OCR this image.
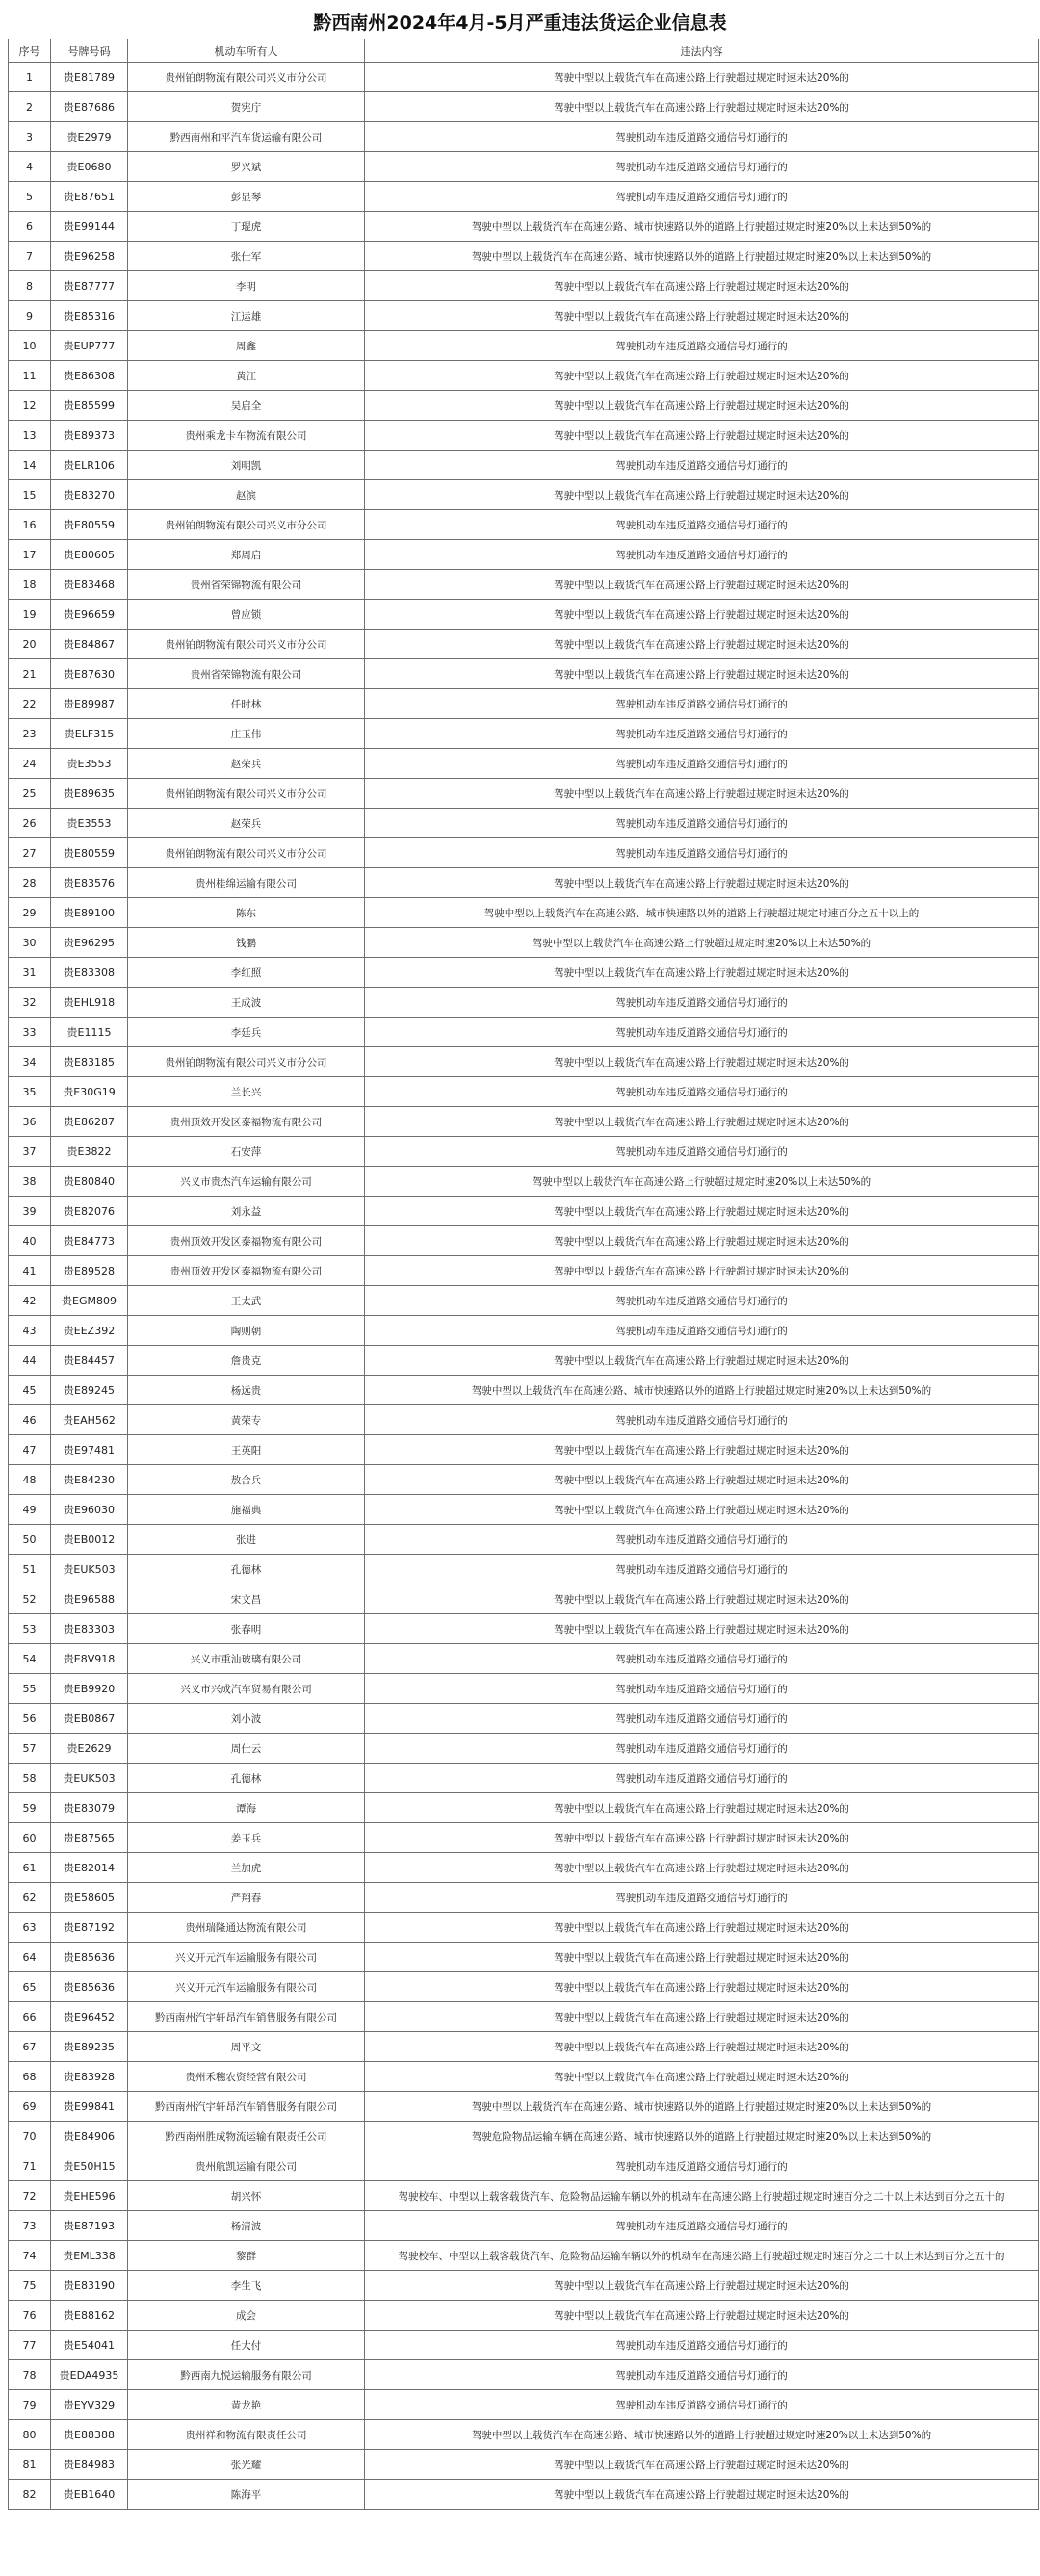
黔西南州2024年4月-5月严重违法货运企业信息表
序号	号牌号码	机动车所有人	违法内容
1	贵E81789	贵州铂朗物流有限公司兴义市分公司	驾驶中型以上载货汽车在高速公路上行驶超过规定时速未达20%的
2	贵E87686	贺宪庁	驾驶中型以上载货汽车在高速公路上行驶超过规定时速未达20%的
3	贵E2979	黔西南州和平汽车货运输有限公司	驾驶机动车违反道路交通信号灯通行的
4	贵E0680	罗兴斌	驾驶机动车违反道路交通信号灯通行的
5	贵E87651	彭显琴	驾驶机动车违反道路交通信号灯通行的
6	贵E99144	丁琨虎	驾驶中型以上载货汽车在高速公路、城市快速路以外的道路上行驶超过规定时速20%以上未达到50%的
7	贵E96258	张仕军	驾驶中型以上载货汽车在高速公路、城市快速路以外的道路上行驶超过规定时速20%以上未达到50%的
8	贵E87777	李明	驾驶中型以上载货汽车在高速公路上行驶超过规定时速未达20%的
9	贵E85316	江运雄	驾驶中型以上载货汽车在高速公路上行驶超过规定时速未达20%的
10	贵EUP777	周鑫	驾驶机动车违反道路交通信号灯通行的
11	贵E86308	黄江	驾驶中型以上载货汽车在高速公路上行驶超过规定时速未达20%的
12	贵E85599	吴启全	驾驶中型以上载货汽车在高速公路上行驶超过规定时速未达20%的
13	贵E89373	贵州乘龙卡车物流有限公司	驾驶中型以上载货汽车在高速公路上行驶超过规定时速未达20%的
14	贵ELR106	刘明凯	驾驶机动车违反道路交通信号灯通行的
15	贵E83270	赵滨	驾驶中型以上载货汽车在高速公路上行驶超过规定时速未达20%的
16	贵E80559	贵州铂朗物流有限公司兴义市分公司	驾驶机动车违反道路交通信号灯通行的
17	贵E80605	郑周启	驾驶机动车违反道路交通信号灯通行的
18	贵E83468	贵州省荣锦物流有限公司	驾驶中型以上载货汽车在高速公路上行驶超过规定时速未达20%的
19	贵E96659	曾应锁	驾驶中型以上载货汽车在高速公路上行驶超过规定时速未达20%的
20	贵E84867	贵州铂朗物流有限公司兴义市分公司	驾驶中型以上载货汽车在高速公路上行驶超过规定时速未达20%的
21	贵E87630	贵州省荣锦物流有限公司	驾驶中型以上载货汽车在高速公路上行驶超过规定时速未达20%的
22	贵E89987	任时林	驾驶机动车违反道路交通信号灯通行的
23	贵ELF315	庄玉伟	驾驶机动车违反道路交通信号灯通行的
24	贵E3553	赵荣兵	驾驶机动车违反道路交通信号灯通行的
25	贵E89635	贵州铂朗物流有限公司兴义市分公司	驾驶中型以上载货汽车在高速公路上行驶超过规定时速未达20%的
26	贵E3553	赵荣兵	驾驶机动车违反道路交通信号灯通行的
27	贵E80559	贵州铂朗物流有限公司兴义市分公司	驾驶机动车违反道路交通信号灯通行的
28	贵E83576	贵州桂绵运输有限公司	驾驶中型以上载货汽车在高速公路上行驶超过规定时速未达20%的
29	贵E89100	陈东	驾驶中型以上载货汽车在高速公路、城市快速路以外的道路上行驶超过规定时速百分之五十以上的
30	贵E96295	钱鹏	驾驶中型以上载货汽车在高速公路上行驶超过规定时速20%以上未达50%的
31	贵E83308	李红照	驾驶中型以上载货汽车在高速公路上行驶超过规定时速未达20%的
32	贵EHL918	王成波	驾驶机动车违反道路交通信号灯通行的
33	贵E1115	李廷兵	驾驶机动车违反道路交通信号灯通行的
34	贵E83185	贵州铂朗物流有限公司兴义市分公司	驾驶中型以上载货汽车在高速公路上行驶超过规定时速未达20%的
35	贵E30G19	兰长兴	驾驶机动车违反道路交通信号灯通行的
36	贵E86287	贵州顶效开发区泰福物流有限公司	驾驶中型以上载货汽车在高速公路上行驶超过规定时速未达20%的
37	贵E3822	石安萍	驾驶机动车违反道路交通信号灯通行的
38	贵E80840	兴义市贵杰汽车运输有限公司	驾驶中型以上载货汽车在高速公路上行驶超过规定时速20%以上未达50%的
39	贵E82076	刘永益	驾驶中型以上载货汽车在高速公路上行驶超过规定时速未达20%的
40	贵E84773	贵州顶效开发区泰福物流有限公司	驾驶中型以上载货汽车在高速公路上行驶超过规定时速未达20%的
41	贵E89528	贵州顶效开发区泰福物流有限公司	驾驶中型以上载货汽车在高速公路上行驶超过规定时速未达20%的
42	贵EGM809	王太武	驾驶机动车违反道路交通信号灯通行的
43	贵EEZ392	陶则朝	驾驶机动车违反道路交通信号灯通行的
44	贵E84457	詹贵克	驾驶中型以上载货汽车在高速公路上行驶超过规定时速未达20%的
45	贵E89245	杨远贵	驾驶中型以上载货汽车在高速公路、城市快速路以外的道路上行驶超过规定时速20%以上未达到50%的
46	贵EAH562	黄荣专	驾驶机动车违反道路交通信号灯通行的
47	贵E97481	王英阳	驾驶中型以上载货汽车在高速公路上行驶超过规定时速未达20%的
48	贵E84230	敖合兵	驾驶中型以上载货汽车在高速公路上行驶超过规定时速未达20%的
49	贵E96030	施福典	驾驶中型以上载货汽车在高速公路上行驶超过规定时速未达20%的
50	贵EB0012	张进	驾驶机动车违反道路交通信号灯通行的
51	贵EUK503	孔德林	驾驶机动车违反道路交通信号灯通行的
52	贵E96588	宋文昌	驾驶中型以上载货汽车在高速公路上行驶超过规定时速未达20%的
53	贵E83303	张春明	驾驶中型以上载货汽车在高速公路上行驶超过规定时速未达20%的
54	贵E8V918	兴义市重汕玻璃有限公司	驾驶机动车违反道路交通信号灯通行的
55	贵EB9920	兴义市兴成汽车贸易有限公司	驾驶机动车违反道路交通信号灯通行的
56	贵EB0867	刘小波	驾驶机动车违反道路交通信号灯通行的
57	贵E2629	周仕云	驾驶机动车违反道路交通信号灯通行的
58	贵EUK503	孔德林	驾驶机动车违反道路交通信号灯通行的
59	贵E83079	谭海	驾驶中型以上载货汽车在高速公路上行驶超过规定时速未达20%的
60	贵E87565	姜玉兵	驾驶中型以上载货汽车在高速公路上行驶超过规定时速未达20%的
61	贵E82014	兰加虎	驾驶中型以上载货汽车在高速公路上行驶超过规定时速未达20%的
62	贵E58605	严翔春	驾驶机动车违反道路交通信号灯通行的
63	贵E87192	贵州瑞隆通达物流有限公司	驾驶中型以上载货汽车在高速公路上行驶超过规定时速未达20%的
64	贵E85636	兴义开元汽车运输服务有限公司	驾驶中型以上载货汽车在高速公路上行驶超过规定时速未达20%的
65	贵E85636	兴义开元汽车运输服务有限公司	驾驶中型以上载货汽车在高速公路上行驶超过规定时速未达20%的
66	贵E96452	黔西南州汽宇轩昂汽车销售服务有限公司	驾驶中型以上载货汽车在高速公路上行驶超过规定时速未达20%的
67	贵E89235	周平文	驾驶中型以上载货汽车在高速公路上行驶超过规定时速未达20%的
68	贵E83928	贵州禾穗农资经营有限公司	驾驶中型以上载货汽车在高速公路上行驶超过规定时速未达20%的
69	贵E99841	黔西南州汽宇轩昂汽车销售服务有限公司	驾驶中型以上载货汽车在高速公路、城市快速路以外的道路上行驶超过规定时速20%以上未达到50%的
70	贵E84906	黔西南州胜成物流运输有限责任公司	驾驶危险物品运输车辆在高速公路、城市快速路以外的道路上行驶超过规定时速20%以上未达到50%的
71	贵E50H15	贵州航凯运输有限公司	驾驶机动车违反道路交通信号灯通行的
72	贵EHE596	胡兴怀	驾驶校车、中型以上载客载货汽车、危险物品运输车辆以外的机动车在高速公路上行驶超过规定时速百分之二十以上未达到百分之五十的
73	贵E87193	杨清波	驾驶机动车违反道路交通信号灯通行的
74	贵EML338	黎群	驾驶校车、中型以上载客载货汽车、危险物品运输车辆以外的机动车在高速公路上行驶超过规定时速百分之二十以上未达到百分之五十的
75	贵E83190	李生飞	驾驶中型以上载货汽车在高速公路上行驶超过规定时速未达20%的
76	贵E88162	成会	驾驶中型以上载货汽车在高速公路上行驶超过规定时速未达20%的
77	贵E54041	任大付	驾驶机动车违反道路交通信号灯通行的
78	贵EDA4935	黔西南九悦运输服务有限公司	驾驶机动车违反道路交通信号灯通行的
79	贵EYV329	黄龙艳	驾驶机动车违反道路交通信号灯通行的
80	贵E88388	贵州祥和物流有限责任公司	驾驶中型以上载货汽车在高速公路、城市快速路以外的道路上行驶超过规定时速20%以上未达到50%的
81	贵E84983	张光耀	驾驶中型以上载货汽车在高速公路上行驶超过规定时速未达20%的
82	贵EB1640	陈海平	驾驶中型以上载货汽车在高速公路上行驶超过规定时速未达20%的
